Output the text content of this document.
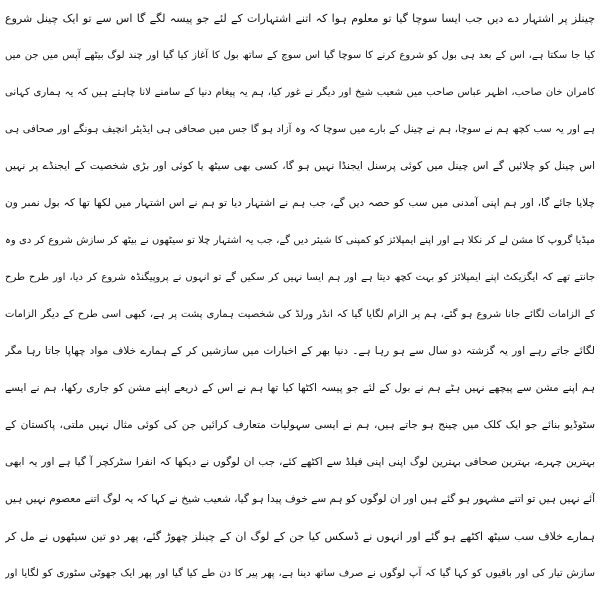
چینلز پر اشتہار دے دیں جب ایسا سوچا گیا تو معلوم ہوا کہ اتنے اشتہارات کے لئے جو پیسہ لگے گا اس سے تو ایک چینل شروع
کیا جا سکتا ہے، اس کے بعد ہی بول کو شروع کرنے کا سوچا گیا اس سوچ کے ساتھ بول کا آغاز کیا گیا اور چند لوگ بیٹھے آپس میں جن میں
کامران خان صاحب، اظہر عباس صاحب میں شعیب شیخ اور دیگر نے غور کیا، ہم یہ پیغام دنیا کے سامنے لانا چاہتے ہیں کہ یہ ہماری کہانی
ہے اور یہ سب کچھ ہم نے سوچا، ہم نے چینل کے بارے میں سوچا کہ وہ آزاد ہو گا جس میں صحافی ہی ایڈیٹر انچیف ہونگے اور صحافی ہی
اس چینل کو چلائیں گے اس چینل میں کوئی پرسنل ایجنڈا نہیں ہو گا، کسی بھی سیٹھ یا کوئی اور بڑی شخصیت کے ایجنڈے پر نہیں
چلایا جائے گا، اور ہم اپنی آمدنی میں سب کو حصہ دیں گے، جب ہم نے اشتہار دیا تو ہم نے اس اشتہار میں لکھا تھا کہ بول نمبر ون
میڈیا گروپ کا مشن لے کر نکلا ہے اور اپنے ایمپلائز کو کمپنی کا شیئر دیں گے، جب یہ اشتہار چلا تو سیٹھوں نے بیٹھ کر سازش شروع کر دی وہ
جانتے تھے کہ ایگزیکٹ اپنے ایمپلائز کو بہت کچھ دیتا ہے اور ہم ایسا نہیں کر سکیں گے تو انہوں نے پروپیگنڈہ شروع کر دیا، اور طرح طرح
کے الزامات لگائے جانا شروع ہو گئے، ہم پر الزام لگایا گیا کہ انڈر ورلڈ کی شخصیت ہماری پشت پر ہے، کبھی اسی طرح کے دیگر الزامات
لگائے جاتے رہے اور یہ گزشتہ دو سال سے ہو رہا ہے۔ دنیا بھر کے اخبارات میں سازشیں کر کے ہمارے خلاف مواد چھاپا جاتا رہا مگر
ہم اپنے مشن سے پیچھے نہیں ہٹے ہم نے بول کے لئے جو پیسہ اکٹھا کیا تھا ہم نے اس کے ذریعے اپنے مشن کو جاری رکھا، ہم نے ایسے
سٹوڈیو بنائے جو ایک کلک میں چینج ہو جاتے ہیں، ہم نے ایسی سہولیات متعارف کرائیں جن کی کوئی مثال نہیں ملتی، پاکستان کے
بہترین چہرے، بہترین صحافی بہترین لوگ اپنی اپنی فیلڈ سے اکٹھے کئے، جب ان لوگوں نے دیکھا کہ انفرا سٹرکچر آ گیا ہے اور یہ ابھی
آئے نہیں ہیں تو اتنے مشہور ہو گئے ہیں اور ان لوگوں کو ہم سے خوف پیدا ہو گیا، شعیب شیخ نے کہا کہ یہ لوگ اتنے معصوم نہیں ہیں
ہمارے خلاف سب سیٹھ اکٹھے ہو گئے اور انہوں نے ڈسکس کیا جن کے لوگ ان کے چینلز چھوڑ گئے، پھر دو تین سیٹھوں نے مل کر
سازش تیار کی اور باقیوں کو کہا گیا کہ آپ لوگوں نے صرف ساتھ دینا ہے، پھر پیر کا دن طے کیا گیا اور پھر ایک جھوٹی سٹوری کو لگایا اور
